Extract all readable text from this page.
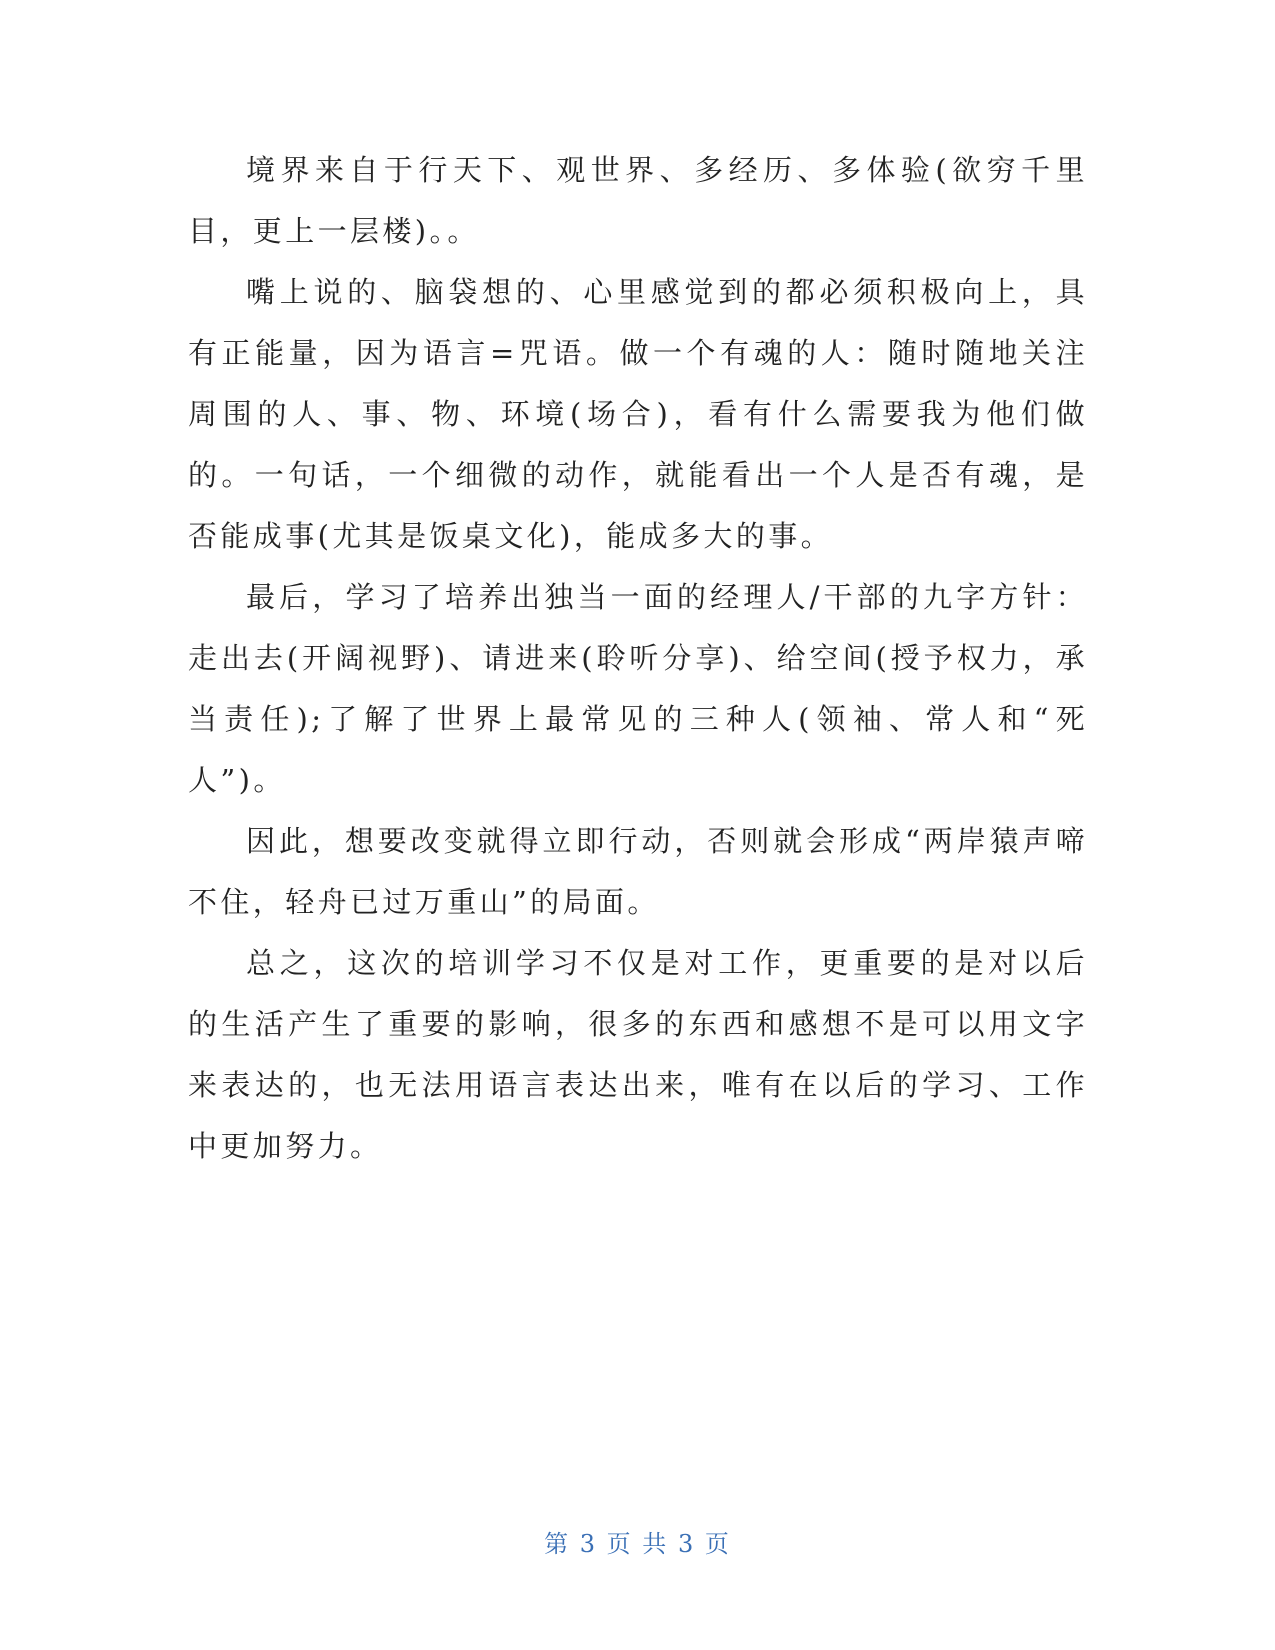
境界来自于行天下、观世界、多经历、多体验(欲穷千里目，更上一层楼)。。

嘴上说的、脑袋想的、心里感觉到的都必须积极向上，具有正能量，因为语言=咒语。做一个有魂的人：随时随地关注周围的人、事、物、环境(场合)，看有什么需要我为他们做的。一句话，一个细微的动作，就能看出一个人是否有魂，是否能成事(尤其是饭桌文化)，能成多大的事。

最后，学习了培养出独当一面的经理人/干部的九字方针：走出去(开阔视野)、请进来(聆听分享)、给空间(授予权力，承当责任);了解了世界上最常见的三种人(领袖、常人和“死人”)。

因此，想要改变就得立即行动，否则就会形成“两岸猿声啼不住，轻舟已过万重山”的局面。

总之，这次的培训学习不仅是对工作，更重要的是对以后的生活产生了重要的影响，很多的东西和感想不是可以用文字来表达的，也无法用语言表达出来，唯有在以后的学习、工作中更加努力。

第 3 页 共 3 页
